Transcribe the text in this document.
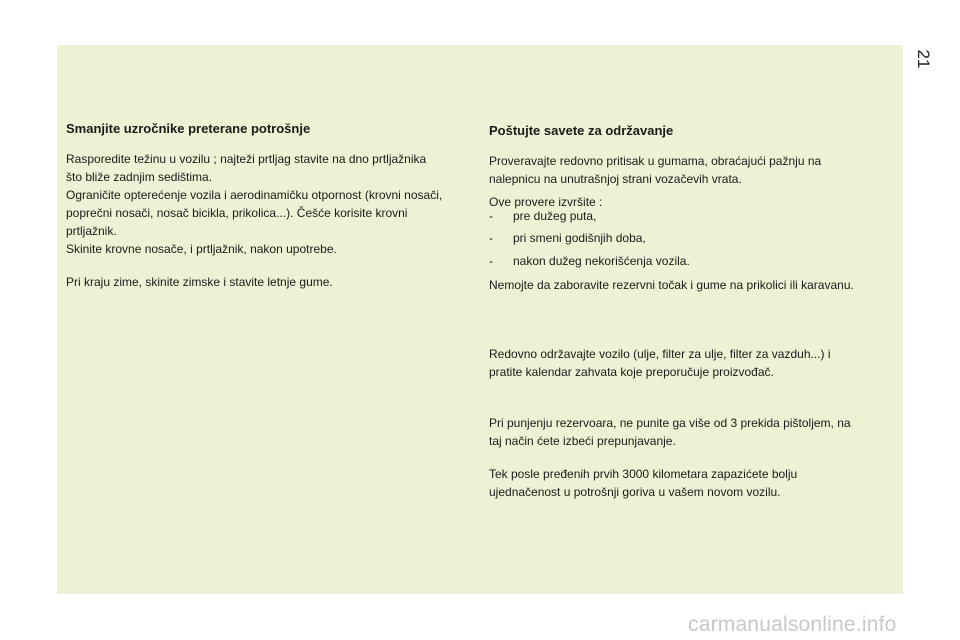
21
Smanjite uzročnike preterane potrošnje

Rasporedite težinu u vozilu ; najteži prtljag stavite na dno prtljažnika

što bliže zadnjim sedištima.

Ograničite opterećenje vozila i aerodinamičku otpornost (krovni nosači,

poprečni nosači, nosač bicikla, prikolica...). Češće korisite krovni

prtljažnik.

Skinite krovne nosače, i prtljažnik, nakon upotrebe.

Pri kraju zime, skinite zimske i stavite letnje gume.

Poštujte savete za održavanje

Proveravajte redovno pritisak u gumama, obraćajući pažnju na

nalepnicu na unutrašnjoj strani vozačevih vrata.

Ove provere izvršite :

- pre dužeg puta,
- pri smeni godišnjih doba,
- nakon dužeg nekorišćenja vozila.

Nemojte da zaboravite rezervni točak i gume na prikolici ili karavanu.

Redovno održavajte vozilo (ulje, filter za ulje, filter za vazduh...) i

pratite kalendar zahvata koje preporučuje proizvođač.

Pri punjenju rezervoara, ne punite ga više od 3 prekida pištoljem, na

taj način ćete izbeći prepunjavanje.

Tek posle pređenih prvih 3000 kilometara zapazićete bolju

ujednačenost u potrošnji goriva u vašem novom vozilu.

carmanualsonline.info
